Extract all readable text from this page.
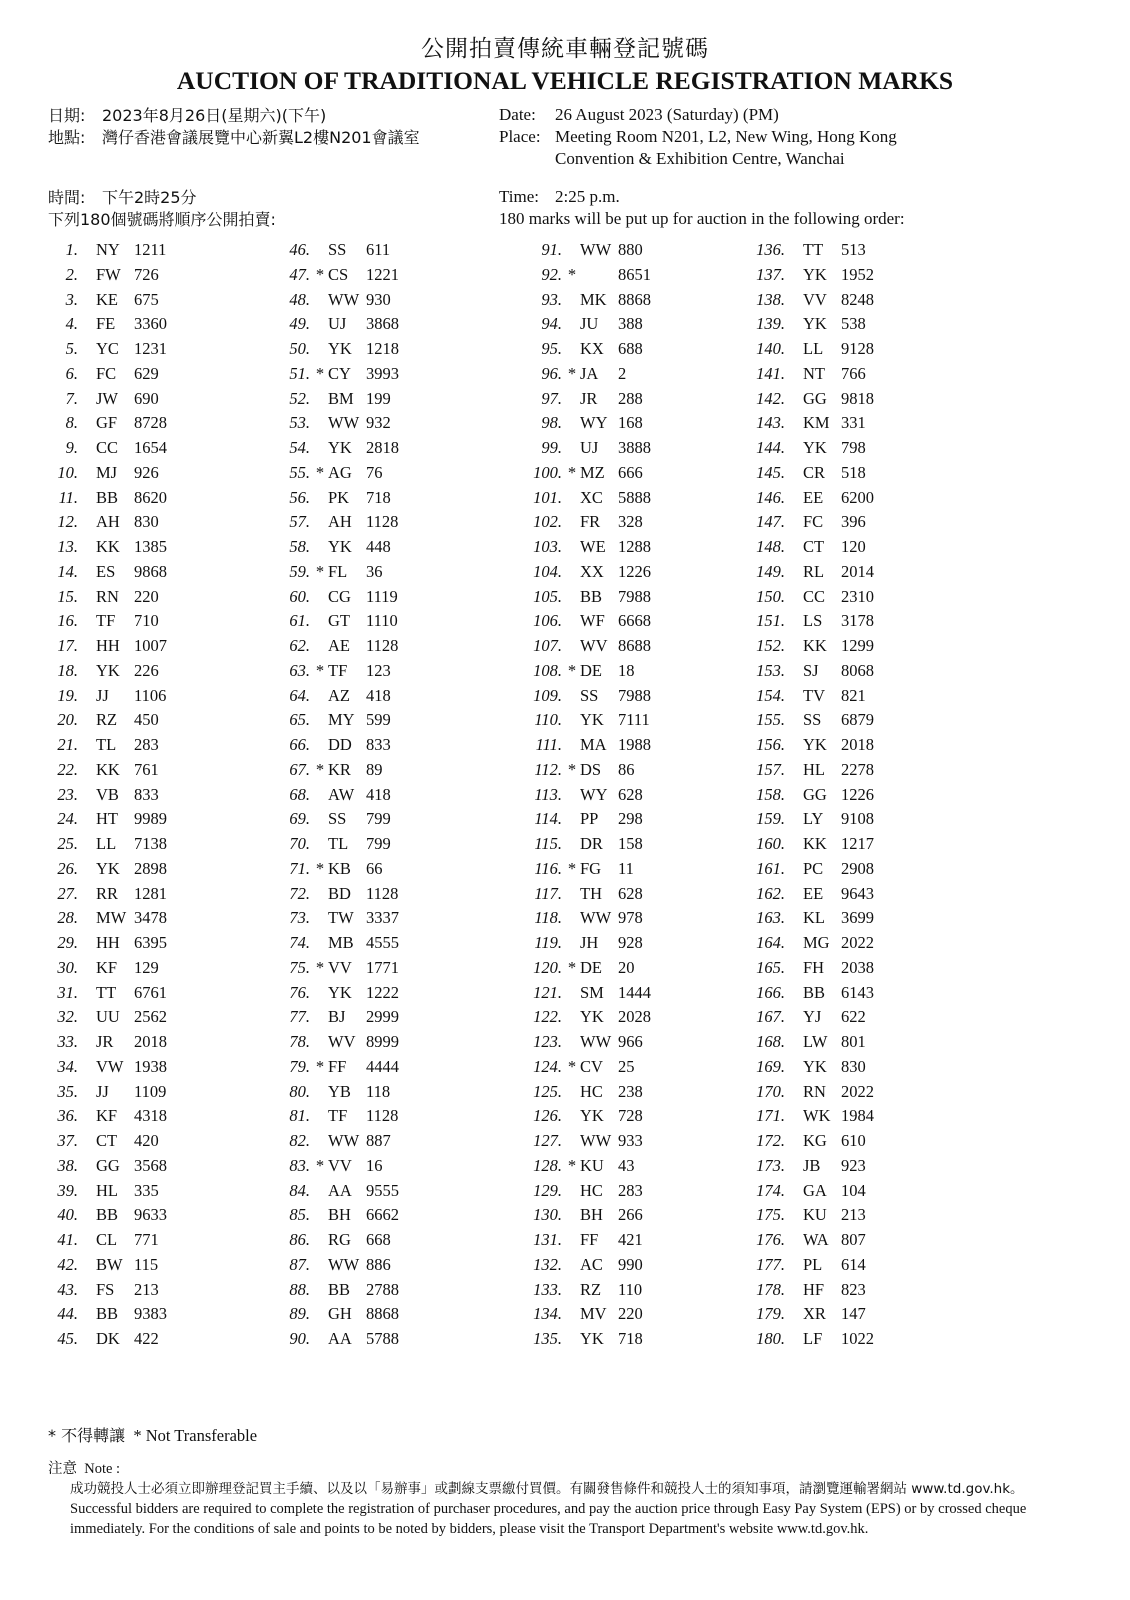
公開拍賣傳統車輛登記號碼
AUCTION OF TRADITIONAL VEHICLE REGISTRATION MARKS
日期: 2023年8月26日(星期六)(下午)
地點: 灣仔香港會議展覽中心新翼L2樓N201會議室
Date: 26 August 2023 (Saturday) (PM)
Place: Meeting Room N201, L2, New Wing, Hong Kong
Convention & Exhibition Centre, Wanchai
時間: 下午2時25分
下列180個號碼將順序公開拍賣:
Time: 2:25 p.m.
180 marks will be put up for auction in the following order:
1. NY 1211
2. FW 726
3. KE 675
4. FE	3360
5. YC 1231
6. FC	629
7. JW 690
8. GF	8728
9. CC 1654
10. MJ	926
11. BB 8620
12. AH 830
13. KK 1385
14. ES	9868
15. RN 220
16. TF	710
17. HH 1007
18. YK 226
19. JJ	1106
20. RZ	450
21. TL	283
22. KK 761
23. VB 833
24. HT 9989
25. LL	7138
26. YK 2898
27. RR 1281
28. MW 3478
29. HH 6395
30. KF	129
31. TT	6761
32. UU 2562
33. JR	2018
34. VW 1938
35. JJ	1109
36. KF	4318
37. CT	420
38. GG 3568
39. HL 335
40. BB 9633
41. CL	771
42. BW 115
43. FS	213
44. BB 9383
45. DK 422
46. SS	611
47. * CS	1221
48. WW 930
49. UJ	3868
50. YK 1218
51. * CY 3993
52. BM 199
53. WW 932
54. YK 2818
55. * AG 76
56. PK	718
57. AH 1128
58. YK 448
59. * FL	36
60. CG 1119
61. GT 1110
62. AE 1128
63. * TF	123
64. AZ 418
65. MY 599
66. DD 833
67. * KR 89
68. AW 418
69. SS	799
70. TL	799
71. * KB 66
72. BD 1128
73. TW 3337
74. MB 4555
75. * VV 1771
76. YK 1222
77. BJ	2999
78. WV 8999
79. * FF	4444
80. YB 118
81. TF	1128
82. WW 887
83. * VV 16
84. AA 9555
85. BH 6662
86. RG 668
87. WW 886
88. BB 2788
89. GH 8868
90. AA 5788
91. WW 880
92. *	8651
93. MK 8868
94. JU	388
95. KX 688
96. * JA	2
97. JR	288
98. WY 168
99. UJ	3888
100. * MZ 666
101. XC 5888
102. FR	328
103. WE 1288
104. XX 1226
105. BB 7988
106. WF 6668
107. WV 8688
108. * DE 18
109. SS	7988
110. YK 7111
111. MA 1988
112. * DS	86
113. WY 628
114. PP	298
115. DR 158
116. * FG	11
117. TH 628
118. WW 978
119. JH	928
120. * DE 20
121. SM 1444
122. YK 2028
123. WW 966
124. * CV 25
125. HC 238
126. YK 728
127. WW 933
128. * KU 43
129. HC 283
130. BH 266
131. FF	421
132. AC 990
133. RZ	110
134. MV 220
135. YK 718
136. TT	513
137. YK 1952
138. VV 8248
139. YK 538
140. LL	9128
141. NT 766
142. GG 9818
143. KM 331
144. YK 798
145. CR 518
146. EE	6200
147. FC	396
148. CT	120
149. RL	2014
150. CC 2310
151. LS	3178
152. KK 1299
153. SJ	8068
154. TV 821
155. SS	6879
156. YK 2018
157. HL 2278
158. GG 1226
159. LY	9108
160. KK 1217
161. PC	2908
162. EE	9643
163. KL 3699
164. MG 2022
165. FH	2038
166. BB 6143
167. YJ	622
168. LW 801
169. YK 830
170. RN 2022
171. WK 1984
172. KG 610
173. JB	923
174. GA 104
175. KU 213
176. WA 807
177. PL	614
178. HF	823
179. XR 147
180. LF	1022
* 不得轉讓 * Not Transferable
注意 Note :
成功競投人士必須立即辦理登記買主手續、以及以「易辦事」或劃線支票繳付買價。有關發售條件和競投人士的須知事項，請瀏覽運輸署網站 www.td.gov.hk。
Successful bidders are required to complete the registration of purchaser procedures, and pay the auction price through Easy Pay System (EPS) or by crossed cheque immediately. For the conditions of sale and points to be noted by bidders, please visit the Transport Department's website www.td.gov.hk.
